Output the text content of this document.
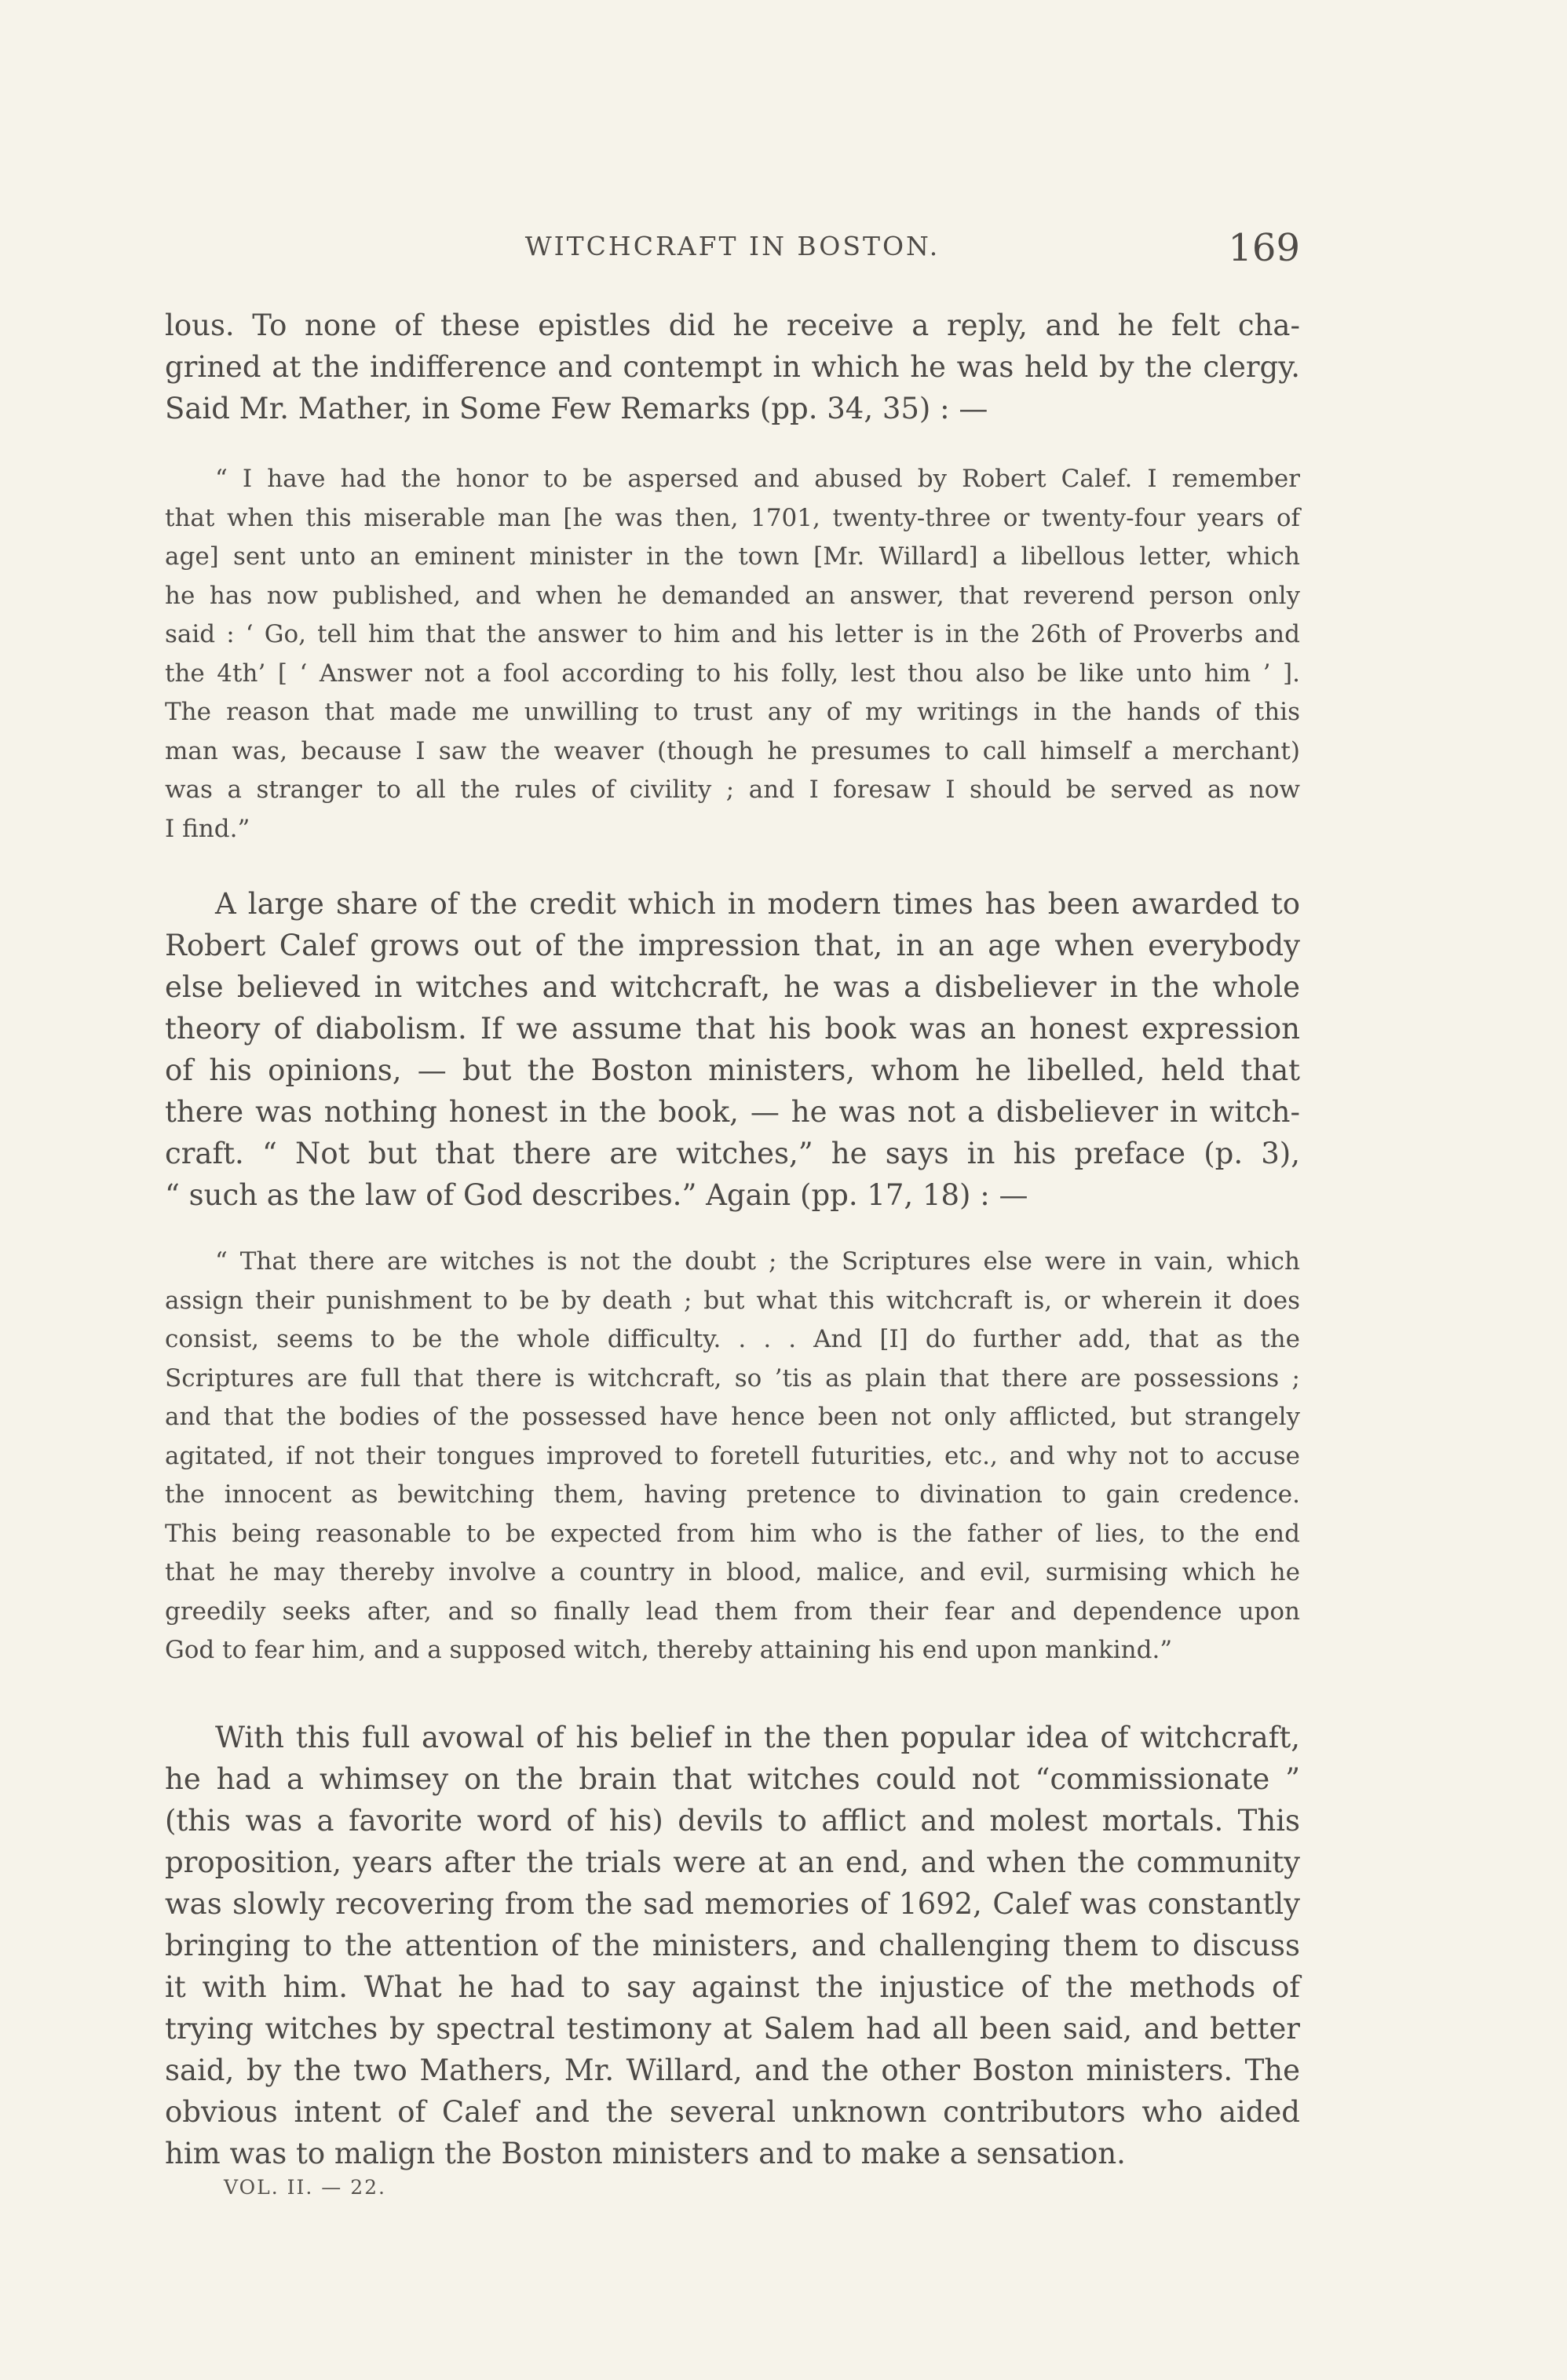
WITCHCRAFT IN BOSTON.	169
lous. To none of these epistles did he receive a reply, and he felt cha-
grined at the indifference and contempt in which he was held by the clergy.
Said Mr. Mather, in Some Few Remarks (pp. 34, 35) : —
“ I have had the honor to be aspersed and abused by Robert Calef. I remember
that when this miserable man [he was then, 1701, twenty-three or twenty-four years of
age] sent unto an eminent minister in the town [Mr. Willard] a libellous letter, which
he has now published, and when he demanded an answer, that reverend person only
said : ‘ Go, tell him that the answer to him and his letter is in the 26th of Proverbs and
the 4th’ [ ‘ Answer not a fool according to his folly, lest thou also be like unto him ’ ].
The reason that made me unwilling to trust any of my writings in the hands of this
man was, because I saw the weaver (though he presumes to call himself a merchant)
was a stranger to all the rules of civility ; and I foresaw I should be served as now
I find.”
A large share of the credit which in modern times has been awarded to
Robert Calef grows out of the impression that, in an age when everybody
else believed in witches and witchcraft, he was a disbeliever in the whole
theory of diabolism. If we assume that his book was an honest expression
of his opinions, — but the Boston ministers, whom he libelled, held that
there was nothing honest in the book, — he was not a disbeliever in witch-
craft. “ Not but that there are witches,” he says in his preface (p. 3),
“ such as the law of God describes.” Again (pp. 17, 18) : —
“ That there are witches is not the doubt ; the Scriptures else were in vain, which
assign their punishment to be by death ; but what this witchcraft is, or wherein it does
consist, seems to be the whole difficulty. . . . And [I] do further add, that as the
Scriptures are full that there is witchcraft, so ’tis as plain that there are possessions ;
and that the bodies of the possessed have hence been not only afflicted, but strangely
agitated, if not their tongues improved to foretell futurities, etc., and why not to accuse
the innocent as bewitching them, having pretence to divination to gain credence.
This being reasonable to be expected from him who is the father of lies, to the end
that he may thereby involve a country in blood, malice, and evil, surmising which he
greedily seeks after, and so finally lead them from their fear and dependence upon
God to fear him, and a supposed witch, thereby attaining his end upon mankind.”
With this full avowal of his belief in the then popular idea of witchcraft,
he had a whimsey on the brain that witches could not “commissionate ”
(this was a favorite word of his) devils to afflict and molest mortals. This
proposition, years after the trials were at an end, and when the community
was slowly recovering from the sad memories of 1692, Calef was constantly
bringing to the attention of the ministers, and challenging them to discuss
it with him. What he had to say against the injustice of the methods of
trying witches by spectral testimony at Salem had all been said, and better
said, by the two Mathers, Mr. Willard, and the other Boston ministers. The
obvious intent of Calef and the several unknown contributors who aided
him was to malign the Boston ministers and to make a sensation.
VOL. II. — 22.
